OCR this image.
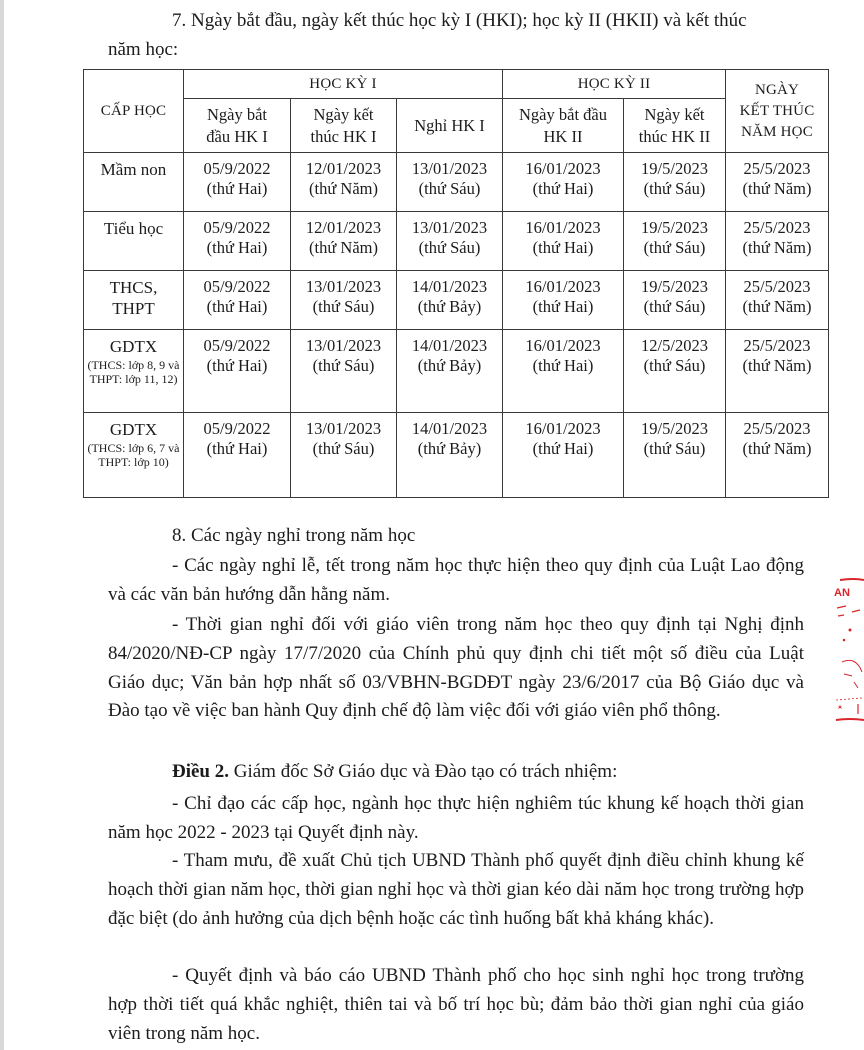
7. Ngày bắt đầu, ngày kết thúc học kỳ I (HKI); học kỳ II (HKII) và kết thúc
năm học:

CẤP HỌC	HỌC KỲ I			HỌC KỲ II		NGÀY
KẾT THÚC
NĂM HỌC
	Ngày bắt
đầu HK I	Ngày kết
thúc HK I	Nghỉ HK I	Ngày bắt đầu
HK II	Ngày kết
thúc HK II	

Mầm non	05/9/2022
(thứ Hai)	12/01/2023
(thứ Năm)	13/01/2023
(thứ Sáu)	16/01/2023
(thứ Hai)	19/5/2023
(thứ Sáu)	25/5/2023
(thứ Năm)

Tiểu học	05/9/2022
(thứ Hai)	12/01/2023
(thứ Năm)	13/01/2023
(thứ Sáu)	16/01/2023
(thứ Hai)	19/5/2023
(thứ Sáu)	25/5/2023
(thứ Năm)

THCS,
THPT	05/9/2022
(thứ Hai)	13/01/2023
(thứ Sáu)	14/01/2023
(thứ Bảy)	16/01/2023
(thứ Hai)	19/5/2023
(thứ Sáu)	25/5/2023
(thứ Năm)

GDTX
(THCS: lớp 8, 9 và THPT: lớp 11, 12)	05/9/2022
(thứ Hai)	13/01/2023
(thứ Sáu)	14/01/2023
(thứ Bảy)	16/01/2023
(thứ Hai)	12/5/2023
(thứ Sáu)	25/5/2023
(thứ Năm)

GDTX
(THCS: lớp 6, 7 và THPT: lớp 10)	05/9/2022
(thứ Hai)	13/01/2023
(thứ Sáu)	14/01/2023
(thứ Bảy)	16/01/2023
(thứ Hai)	19/5/2023
(thứ Sáu)	25/5/2023
(thứ Năm)

8. Các ngày nghỉ trong năm học

- Các ngày nghỉ lễ, tết trong năm học thực hiện theo quy định của Luật Lao động và các văn bản hướng dẫn hằng năm.

- Thời gian nghỉ đối với giáo viên trong năm học theo quy định tại Nghị định 84/2020/NĐ-CP ngày 17/7/2020 của Chính phủ quy định chi tiết một số điều của Luật Giáo dục; Văn bản hợp nhất số 03/VBHN-BGDĐT ngày 23/6/2017 của Bộ Giáo dục và Đào tạo về việc ban hành Quy định chế độ làm việc đối với giáo viên phổ thông.

Điều 2. Giám đốc Sở Giáo dục và Đào tạo có trách nhiệm:

- Chỉ đạo các cấp học, ngành học thực hiện nghiêm túc khung kế hoạch thời gian năm học 2022 - 2023 tại Quyết định này.

- Tham mưu, đề xuất Chủ tịch UBND Thành phố quyết định điều chỉnh khung kế hoạch thời gian năm học, thời gian nghỉ học và thời gian kéo dài năm học trong trường hợp đặc biệt (do ảnh hưởng của dịch bệnh hoặc các tình huống bất khả kháng khác).

- Quyết định và báo cáo UBND Thành phố cho học sinh nghỉ học trong trường hợp thời tiết quá khắc nghiệt, thiên tai và bố trí học bù; đảm bảo thời gian nghỉ của giáo viên trong năm học.

AN
